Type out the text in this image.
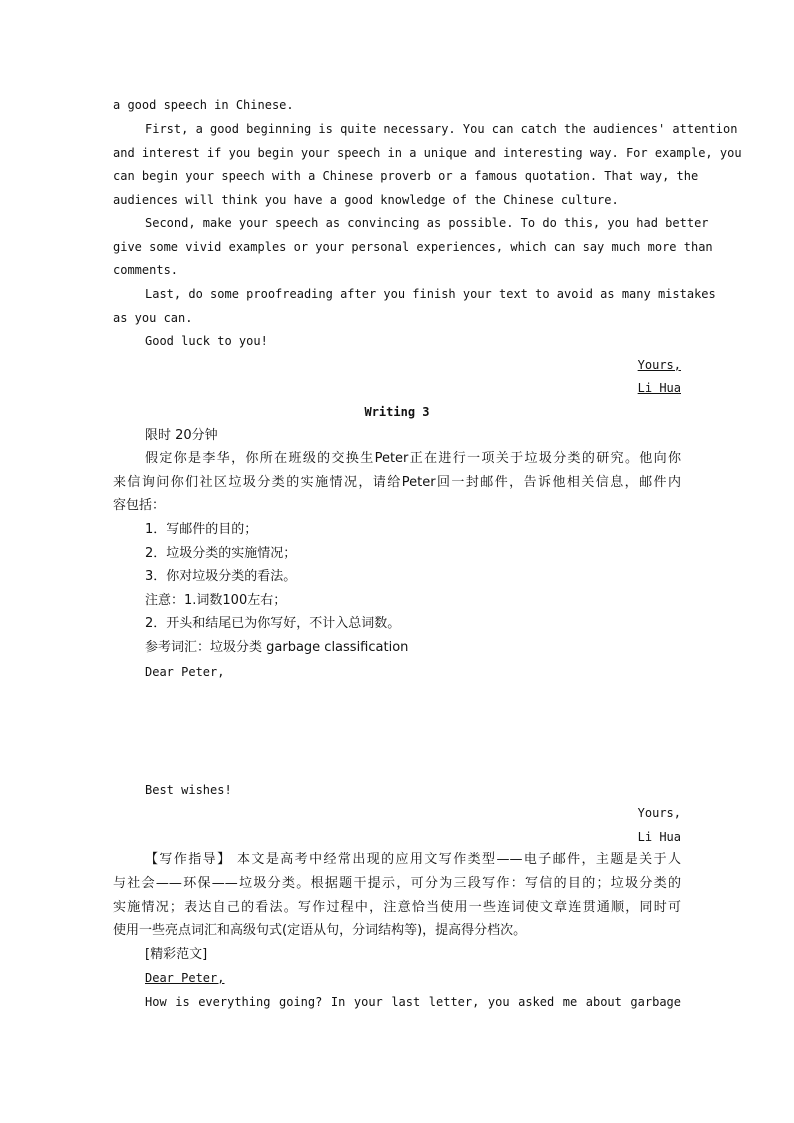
a good speech in Chinese.
First, a good beginning is quite necessary. You can catch the audiences' attention
and interest if you begin your speech in a unique and interesting way. For example, you
can begin your speech with a Chinese proverb or a famous quotation. That way, the
audiences will think you have a good knowledge of the Chinese culture.
Second, make your speech as convincing as possible. To do this, you had better
give some vivid examples or your personal experiences, which can say much more than
comments.
Last, do some proofreading after you finish your text to avoid as many mistakes
as you can.
Good luck to you!
Yours,
Li Hua
Writing 3
限时 20分钟
假定你是李华，你所在班级的交换生Peter正在进行一项关于垃圾分类的研究。他向你
来信询问你们社区垃圾分类的实施情况，请给Peter回一封邮件，告诉他相关信息，邮件内
容包括：
1．写邮件的目的；
2．垃圾分类的实施情况；
3．你对垃圾分类的看法。
注意：1.词数100左右；
2．开头和结尾已为你写好，不计入总词数。
参考词汇：垃圾分类 garbage classification
Dear Peter,
Best wishes!
Yours,
Li Hua
【写作指导】 本文是高考中经常出现的应用文写作类型——电子邮件，主题是关于人
与社会——环保——垃圾分类。根据题干提示，可分为三段写作：写信的目的；垃圾分类的
实施情况；表达自己的看法。写作过程中，注意恰当使用一些连词使文章连贯通顺，同时可
使用一些亮点词汇和高级句式(定语从句，分词结构等)，提高得分档次。
[精彩范文]
Dear Peter,
How is everything going? In your last letter, you asked me about garbage
